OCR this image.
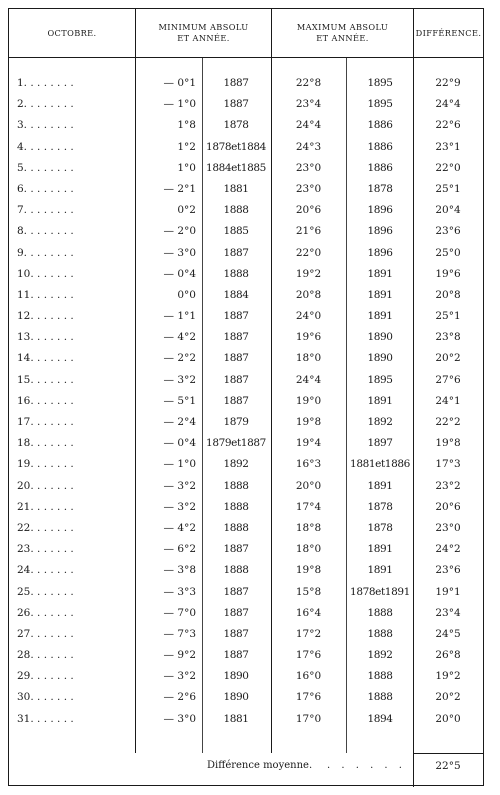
OCTOBRE.
MINIMUM ABSOLU
ET ANNÉE.
MAXIMUM ABSOLU
ET ANNÉE.
DIFFÉRENCE.
1. . . . . . . .	— 0°1	1887	22°8	1895	22°9
2. . . . . . . .	— 1°0	1887	23°4	1895	24°4
3. . . . . . . .	1°8	1878	24°4	1886	22°6
4. . . . . . . .	1°2 1878et1884	24°3	1886	23°1
5. . . . . . . .	1°0 1884et1885	23°0	1886	22°0
6. . . . . . . .	— 2°1	1881	23°0	1878	25°1
7. . . . . . . .	0°2	1888	20°6	1896	20°4
8. . . . . . . .	— 2°0	1885	21°6	1896	23°6
9. . . . . . . .	— 3°0	1887	22°0	1896	25°0
10. . . . . . .	— 0°4	1888	19°2	1891	19°6
11. . . . . . .	0°0	1884	20°8	1891	20°8
12. . . . . . .	— 1°1	1887	24°0	1891	25°1
13. . . . . . .	— 4°2	1887	19°6	1890	23°8
14. . . . . . .	— 2°2	1887	18°0	1890	20°2
15. . . . . . .	— 3°2	1887	24°4	1895	27°6
16. . . . . . .	— 5°1	1887	19°0	1891	24°1
17. . . . . . .	— 2°4	1879	19°8	1892	22°2
18. . . . . . .	— 0°4 1879et1887	19°4	1897	19°8
19. . . . . . .	— 1°0	1892	16°3	1881et1886	17°3
20. . . . . . .	— 3°2	1888	20°0	1891	23°2
21. . . . . . .	— 3°2	1888	17°4	1878	20°6
22. . . . . . .	— 4°2	1888	18°8	1878	23°0
23. . . . . . .	— 6°2	1887	18°0	1891	24°2
24. . . . . . .	— 3°8	1888	19°8	1891	23°6
25. . . . . . .	— 3°3	1887	15°8	1878et1891	19°1
26. . . . . . .	— 7°0	1887	16°4	1888	23°4
27. . . . . . .	— 7°3	1887	17°2	1888	24°5
28. . . . . . .	— 9°2	1887	17°6	1892	26°8
29. . . . . . .	— 3°2	1890	16°0	1888	19°2
30. . . . . . .	— 2°6	1890	17°6	1888	20°2
31. . . . . . .	— 3°0	1881	17°0	1894	20°0
Différence moyenne. . . . . . .	22°5
